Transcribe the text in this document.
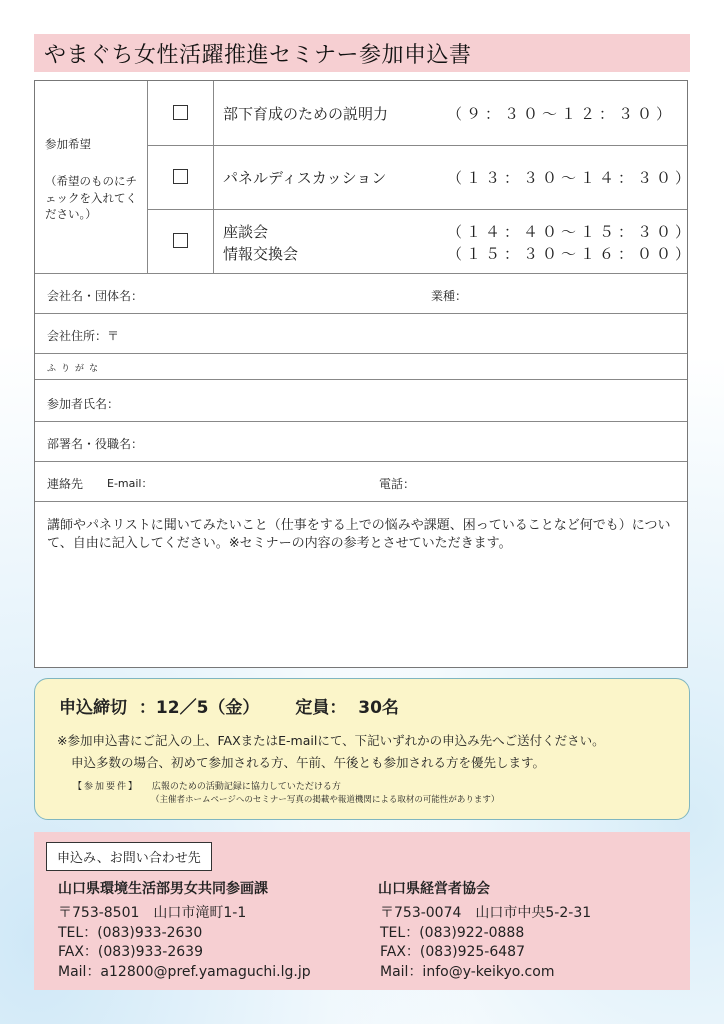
やまぐち女性活躍推進セミナー参加申込書
参加希望
（希望のものにチェックを入れてください。）
部下育成のための説明力	（９：３０～１２：３０）
パネルディスカッション	（１３：３０～１４：３０）
座談会	（１４：４０～１５：３０）
情報交換会	（１５：３０～１６：００）
会社名・団体名：	業種：
会社住所：〒
ふりがな
参加者氏名：
部署名・役職名：
連絡先 E-mail：	電話：
講師やパネリストに聞いてみたいこと（仕事をする上での悩みや課題、困っていることなど何でも）について、自由に記入してください。※セミナーの内容の参考とさせていただきます。
申込締切 ：12／5（金） 定員： 30名
※参加申込書にご記入の上、FAXまたはE-mailにて、下記いずれかの申込み先へご送付ください。
申込多数の場合、初めて参加される方、午前、午後とも参加される方を優先します。
【参加要件】 広報のための活動記録に協力していただける方
（主催者ホームページへのセミナー写真の掲載や報道機関による取材の可能性があります）
申込み、お問い合わせ先
山口県環境生活部男女共同参画課
〒753-8501　山口市滝町1-1
TEL：(083)933-2630
FAX：(083)933-2639
Mail：a12800@pref.yamaguchi.lg.jp
山口県経営者協会
〒753-0074　山口市中央5-2-31
TEL：(083)922-0888
FAX：(083)925-6487
Mail：info@y-keikyo.com
